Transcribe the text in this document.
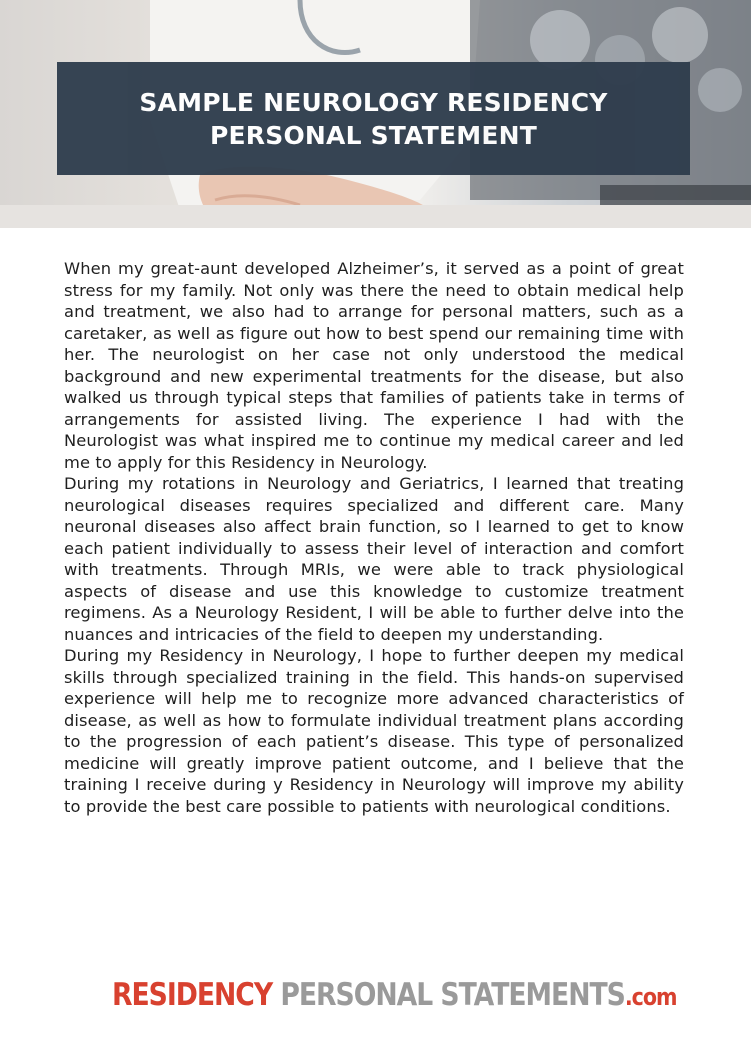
SAMPLE NEUROLOGY RESIDENCY PERSONAL STATEMENT

When my great-aunt developed Alzheimer’s, it served as a point of great stress for my family. Not only was there the need to obtain medical help and treatment, we also had to arrange for personal matters, such as a caretaker, as well as figure out how to best spend our remaining time with her. The neurologist on her case not only understood the medical background and new experimental treatments for the disease, but also walked us through typical steps that families of patients take in terms of arrangements for assisted living. The experience I had with the Neurologist was what inspired me to continue my medical career and led me to apply for this Residency in Neurology.

During my rotations in Neurology and Geriatrics, I learned that treating neurological diseases requires specialized and different care. Many neuronal diseases also affect brain function, so I learned to get to know each patient individually to assess their level of interaction and comfort with treatments. Through MRIs, we were able to track physiological aspects of disease and use this knowledge to customize treatment regimens. As a Neurology Resident, I will be able to further delve into the nuances and intricacies of the field to deepen my understanding.

During my Residency in Neurology, I hope to further deepen my medical skills through specialized training in the field. This hands-on supervised experience will help me to recognize more advanced characteristics of disease, as well as how to formulate individual treatment plans according to the progression of each patient’s disease. This type of personalized medicine will greatly improve patient outcome, and I believe that the training I receive during y Residency in Neurology will improve my ability to provide the best care possible to patients with neurological conditions.

RESIDENCY PERSONAL STATEMENTS.com
